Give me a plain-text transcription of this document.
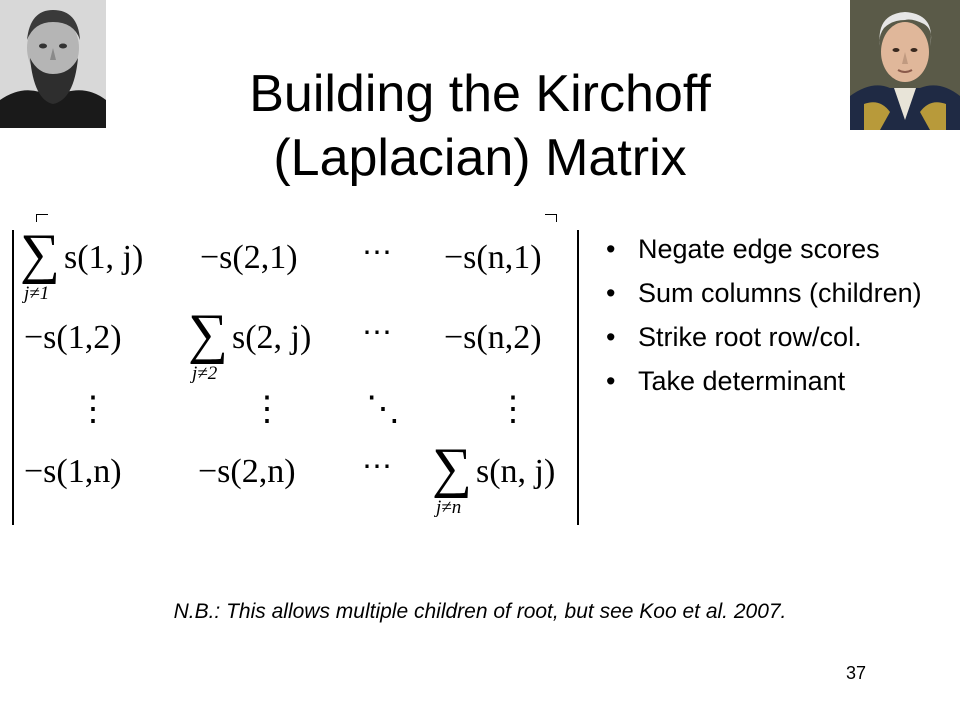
Building the Kirchoff
(Laplacian) Matrix
∑
j≠1
s(1, j) −s(2,1) ⋯ −s(n,1)
−s(1,2) ∑
j≠2
s(2, j) ⋯ −s(n,2)
⋮	⋮ ⋱	⋮
−s(1,n) −s(2,n) ⋯ ∑
j≠n
s(n, j)
• Negate edge scores
• Sum columns (children)
• Strike root row/col.
• Take determinant
N.B.: This allows multiple children of root, but see Koo et al. 2007.
37
